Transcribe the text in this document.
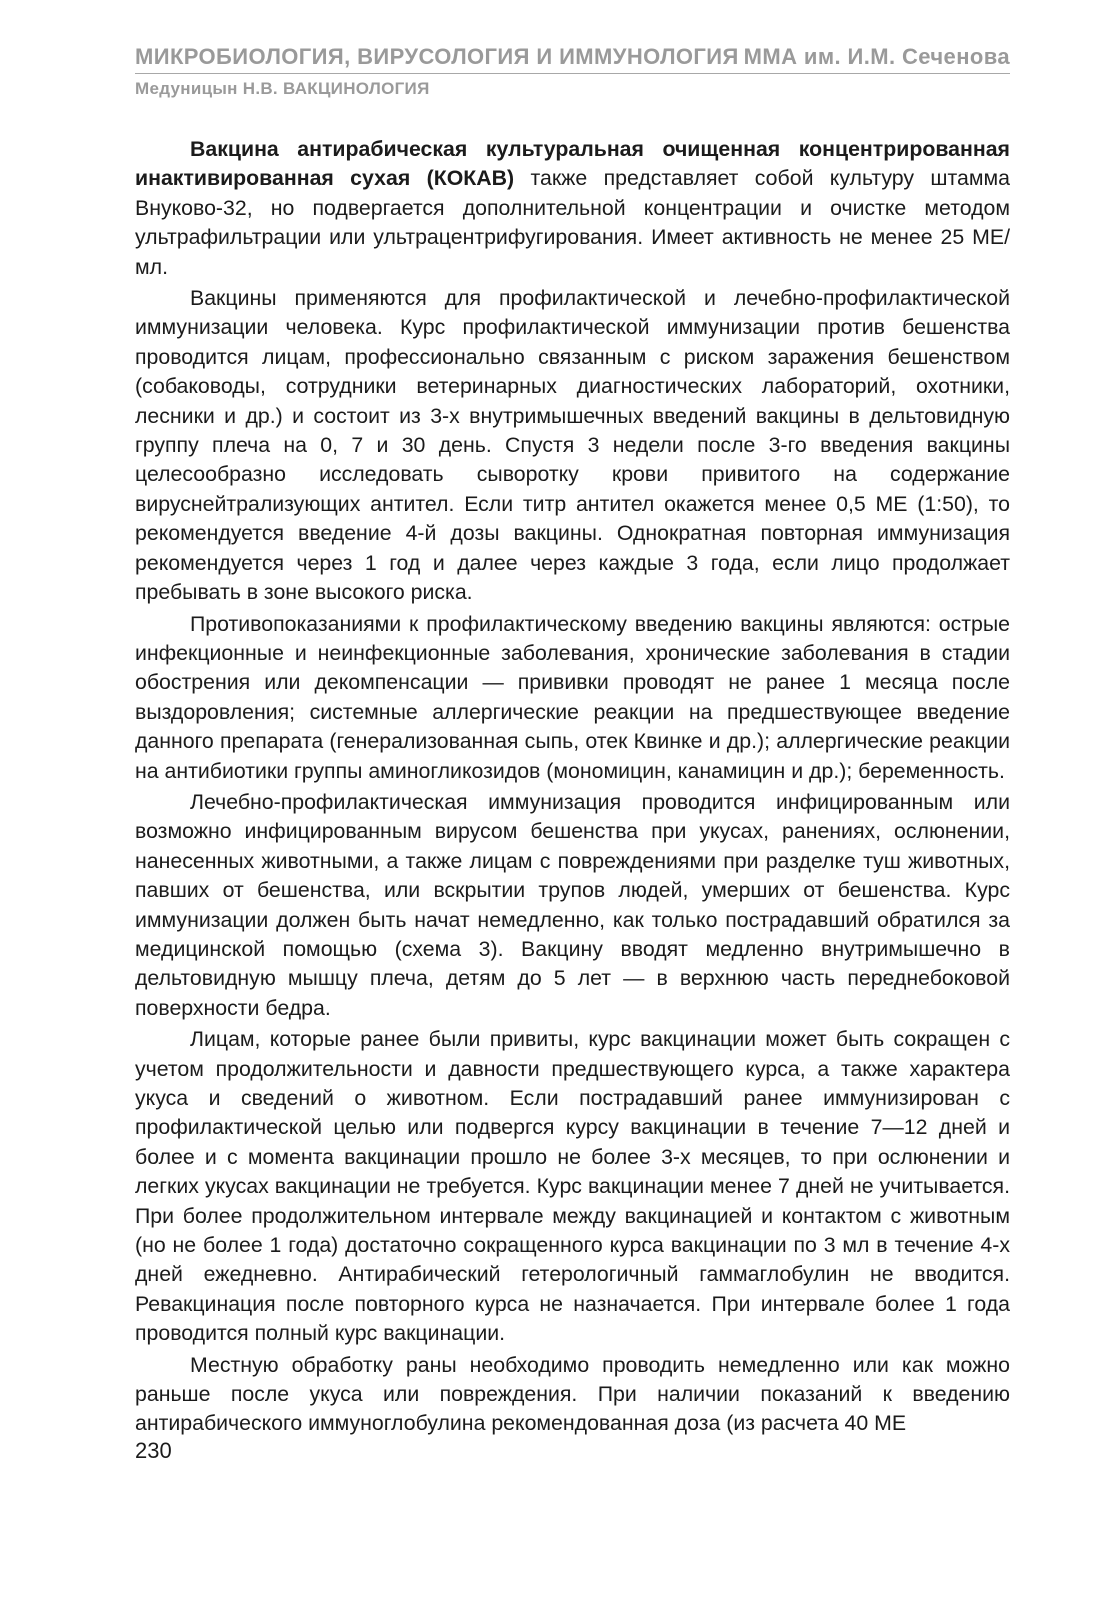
МИКРОБИОЛОГИЯ, ВИРУСОЛОГИЯ И ИММУНОЛОГИЯ ММА им. И.М. Сеченова
Медуницын Н.В. ВАКЦИНОЛОГИЯ

Вакцина антирабическая культуральная очищенная концентрированная инактивированная сухая (КОКАВ) также представляет собой культуру штамма Внуково-32, но подвергается дополнительной концентрации и очистке методом ультрафильтрации или ультрацентрифугирования. Имеет активность не менее 25 МЕ/мл.

Вакцины применяются для профилактической и лечебно-профилактической иммунизации человека. Курс профилактической иммунизации против бешенства проводится лицам, профессионально связанным с риском заражения бешенством (собаководы, сотрудники ветеринарных диагностических лабораторий, охотники, лесники и др.) и состоит из 3-х внутримышечных введений вакцины в дельтовидную группу плеча на 0, 7 и 30 день. Спустя 3 недели после 3-го введения вакцины целесообразно исследовать сыворотку крови привитого на содержание вируснейтрализующих антител. Если титр антител окажется менее 0,5 МЕ (1:50), то рекомендуется введение 4-й дозы вакцины. Однократная повторная иммунизация рекомендуется через 1 год и далее через каждые 3 года, если лицо продолжает пребывать в зоне высокого риска.

Противопоказаниями к профилактическому введению вакцины являются: острые инфекционные и неинфекционные заболевания, хронические заболевания в стадии обострения или декомпенсации — прививки проводят не ранее 1 месяца после выздоровления; системные аллергические реакции на предшествующее введение данного препарата (генерализованная сыпь, отек Квинке и др.); аллергические реакции на антибиотики группы аминогликозидов (мономицин, канамицин и др.); беременность.

Лечебно-профилактическая иммунизация проводится инфицированным или возможно инфицированным вирусом бешенства при укусах, ранениях, ослюнении, нанесенных животными, а также лицам с повреждениями при разделке туш животных, павших от бешенства, или вскрытии трупов людей, умерших от бешенства. Курс иммунизации должен быть начат немедленно, как только пострадавший обратился за медицинской помощью (схема 3). Вакцину вводят медленно внутримышечно в дельтовидную мышцу плеча, детям до 5 лет — в верхнюю часть переднебоковой поверхности бедра.

Лицам, которые ранее были привиты, курс вакцинации может быть сокращен с учетом продолжительности и давности предшествующего курса, а также характера укуса и сведений о животном. Если пострадавший ранее иммунизирован с профилактической целью или подвергся курсу вакцинации в течение 7—12 дней и более и с момента вакцинации прошло не более 3-х месяцев, то при ослюнении и легких укусах вакцинации не требуется. Курс вакцинации менее 7 дней не учитывается. При более продолжительном интервале между вакцинацией и контактом с животным (но не более 1 года) достаточно сокращенного курса вакцинации по 3 мл в течение 4-х дней ежедневно. Антирабический гетерологичный гаммаглобулин не вводится. Ревакцинация после повторного курса не назначается. При интервале более 1 года проводится полный курс вакцинации.

Местную обработку раны необходимо проводить немедленно или как можно раньше после укуса или повреждения. При наличии показаний к введению антирабического иммуноглобулина рекомендованная доза (из расчета 40 МЕ

230
